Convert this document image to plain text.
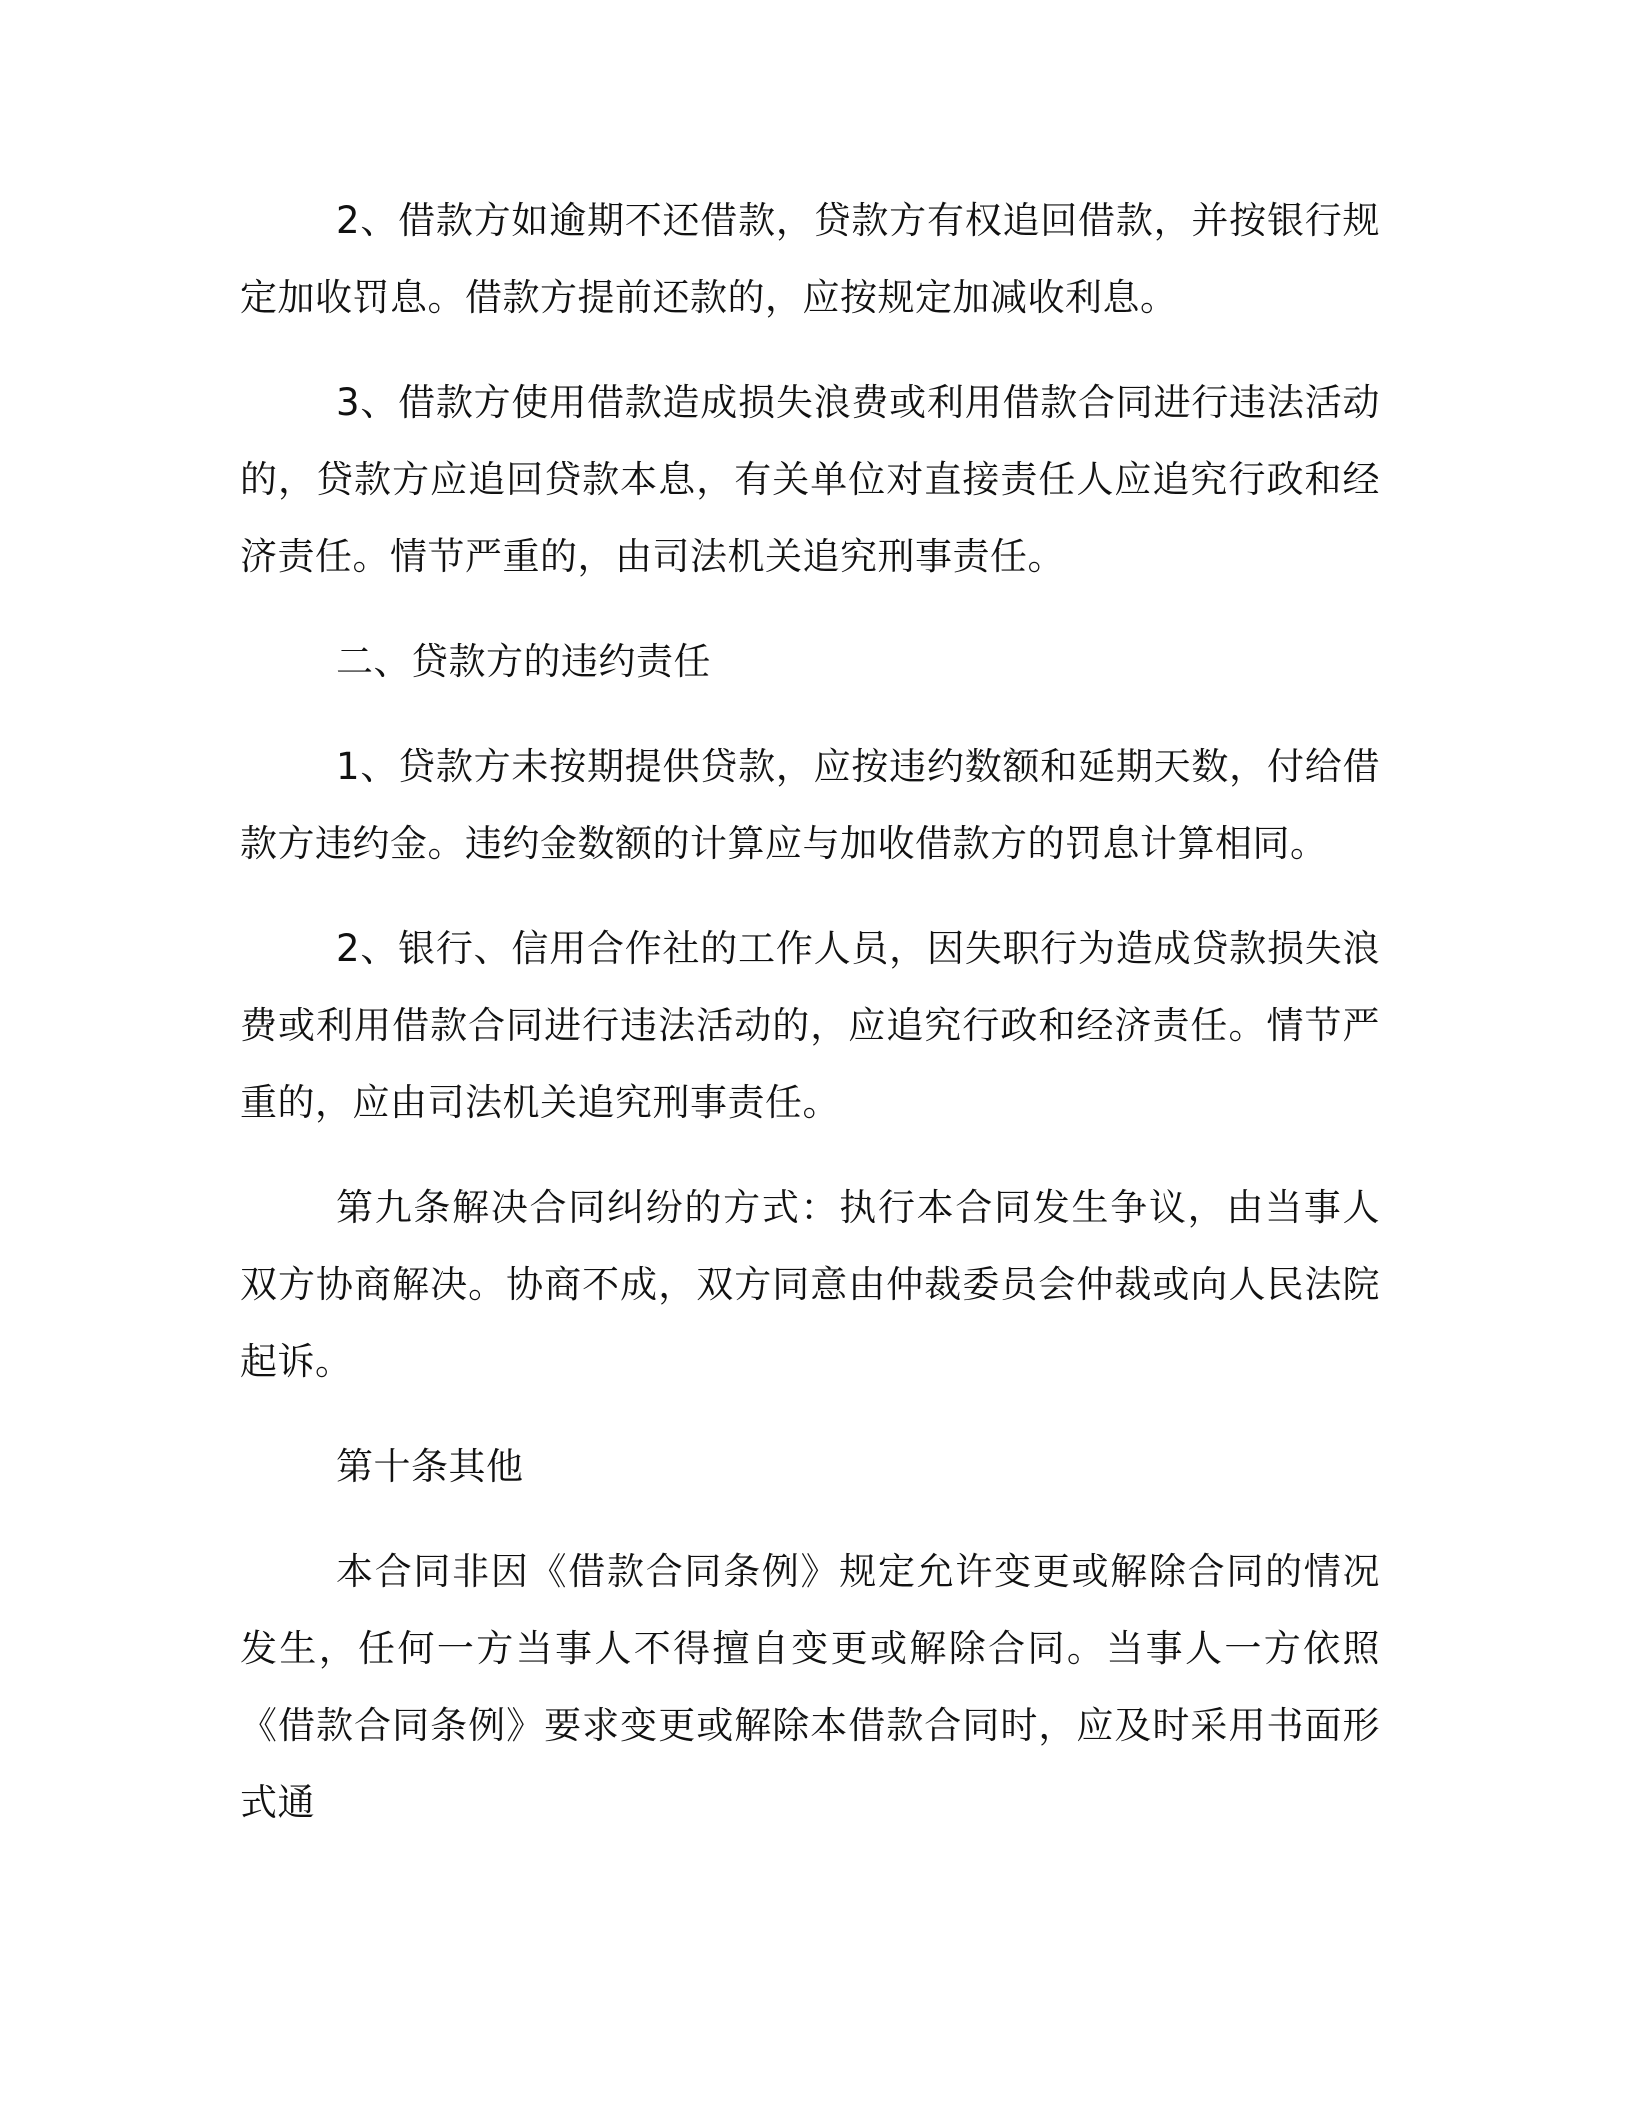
2、借款方如逾期不还借款，贷款方有权追回借款，并按银行规定加收罚息。借款方提前还款的，应按规定加减收利息。

3、借款方使用借款造成损失浪费或利用借款合同进行违法活动的，贷款方应追回贷款本息，有关单位对直接责任人应追究行政和经济责任。情节严重的，由司法机关追究刑事责任。

二、贷款方的违约责任

1、贷款方未按期提供贷款，应按违约数额和延期天数，付给借款方违约金。违约金数额的计算应与加收借款方的罚息计算相同。

2、银行、信用合作社的工作人员，因失职行为造成贷款损失浪费或利用借款合同进行违法活动的，应追究行政和经济责任。情节严重的，应由司法机关追究刑事责任。

第九条解决合同纠纷的方式：执行本合同发生争议，由当事人双方协商解决。协商不成，双方同意由仲裁委员会仲裁或向人民法院起诉。

第十条其他

本合同非因《借款合同条例》规定允许变更或解除合同的情况发生，任何一方当事人不得擅自变更或解除合同。当事人一方依照《借款合同条例》要求变更或解除本借款合同时，应及时采用书面形式通
